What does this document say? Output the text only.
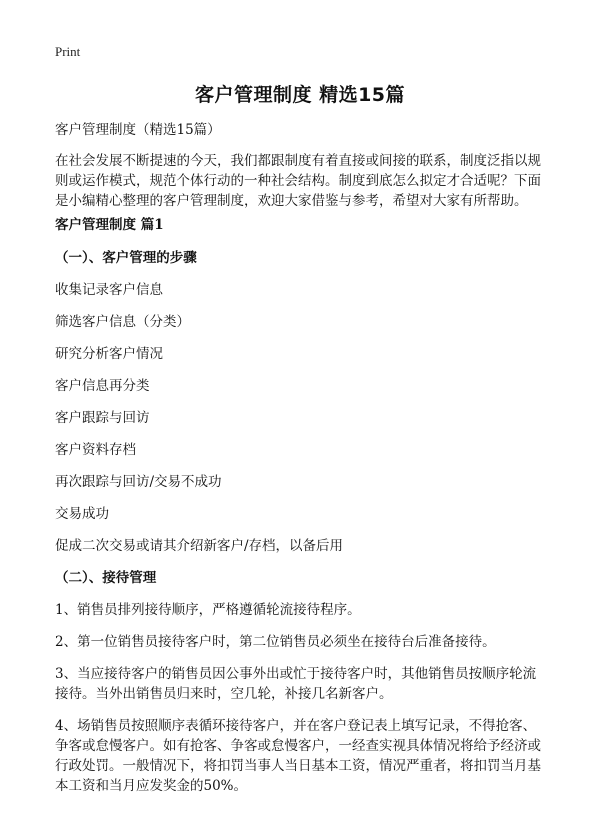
Print
客户管理制度 精选15篇
客户管理制度（精选15篇）
在社会发展不断提速的今天，我们都跟制度有着直接或间接的联系，制度泛指以规
则或运作模式，规范个体行动的一种社会结构。制度到底怎么拟定才合适呢？下面
是小编精心整理的客户管理制度，欢迎大家借鉴与参考，希望对大家有所帮助。
客户管理制度 篇1
（一）、客户管理的步骤
收集记录客户信息
筛选客户信息（分类）
研究分析客户情况
客户信息再分类
客户跟踪与回访
客户资料存档
再次跟踪与回访/交易不成功
交易成功
促成二次交易或请其介绍新客户/存档，以备后用
（二）、接待管理
1、销售员排列接待顺序，严格遵循轮流接待程序。
2、第一位销售员接待客户时，第二位销售员必须坐在接待台后准备接待。
3、当应接待客户的销售员因公事外出或忙于接待客户时，其他销售员按顺序轮流
接待。当外出销售员归来时，空几轮，补接几名新客户。
4、场销售员按照顺序表循环接待客户，并在客户登记表上填写记录，不得抢客、
争客或怠慢客户。如有抢客、争客或怠慢客户，一经查实视具体情况将给予经济或
行政处罚。一般情况下，将扣罚当事人当日基本工资，情况严重者，将扣罚当月基
本工资和当月应发奖金的50%。
